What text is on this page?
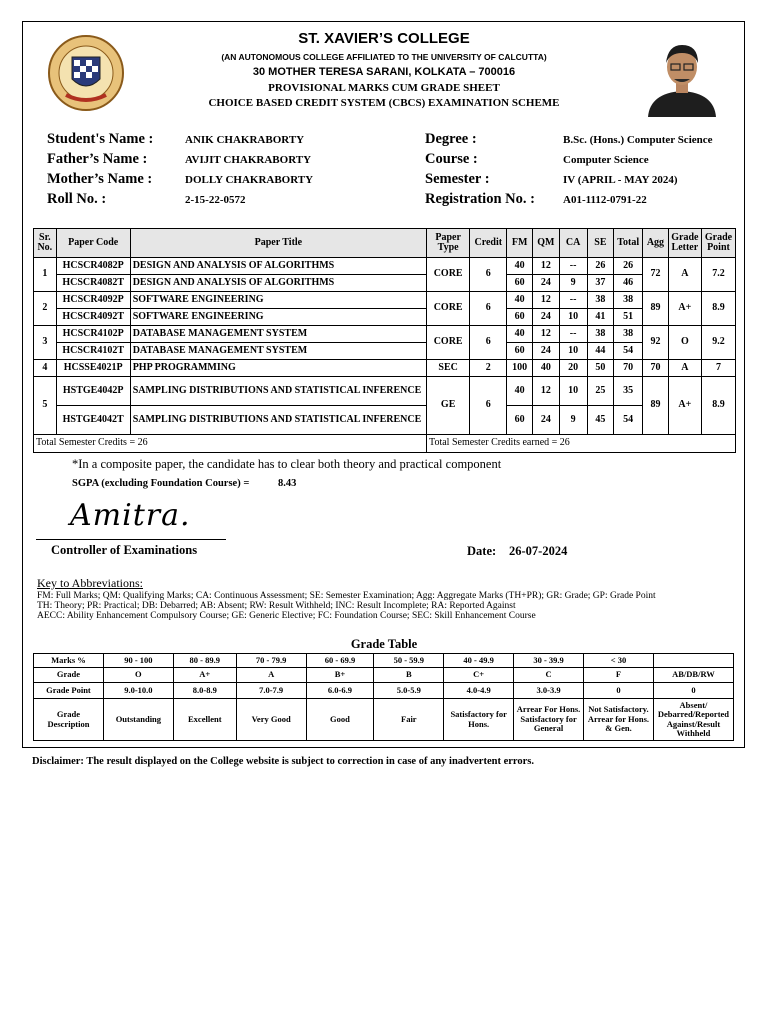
ST. XAVIER’S COLLEGE
(AN AUTONOMOUS COLLEGE AFFILIATED TO THE UNIVERSITY OF CALCUTTA)
30 MOTHER TERESA SARANI, KOLKATA – 700016
PROVISIONAL MARKS CUM GRADE SHEET
CHOICE BASED CREDIT SYSTEM (CBCS) EXAMINATION SCHEME
Student's Name :	ANIK CHAKRABORTY
Father’s Name :	AVIJIT CHAKRABORTY
Mother’s Name :	DOLLY CHAKRABORTY
Roll No. :	2-15-22-0572
Degree :	B.Sc. (Hons.) Computer Science
Course :	Computer Science
Semester :	IV (APRIL - MAY 2024)
Registration No. :	A01-1112-0791-22
Sr. No.	Paper Code	Paper Title	Paper Type	Credit	FM	QM	CA	SE	Total	Agg	Grade Letter	Grade Point
1	HCSCR4082P	DESIGN AND ANALYSIS OF ALGORITHMS	CORE	6	40	12	--	26	26	72	A	7.2
	HCSCR4082T	DESIGN AND ANALYSIS OF ALGORITHMS			60	24	9	37	46			
2	HCSCR4092P	SOFTWARE ENGINEERING	CORE	6	40	12	--	38	38	89	A+	8.9
	HCSCR4092T	SOFTWARE ENGINEERING			60	24	10	41	51			
3	HCSCR4102P	DATABASE MANAGEMENT SYSTEM	CORE	6	40	12	--	38	38	92	O	9.2
	HCSCR4102T	DATABASE MANAGEMENT SYSTEM			60	24	10	44	54			
4	HCSSE4021P	PHP PROGRAMMING	SEC	2	100	40	20	50	70	70	A	7
5	HSTGE4042P	SAMPLING DISTRIBUTIONS AND STATISTICAL INFERENCE	GE	6	40	12	10	25	35	89	A+	8.9
	HSTGE4042T	SAMPLING DISTRIBUTIONS AND STATISTICAL INFERENCE			60	24	9	45	54			
Total Semester Credits = 26			Total Semester Credits earned = 26									
*In a composite paper, the candidate has to clear both theory and practical component
SGPA (excluding Foundation Course) =	8.43
Amitra.
Controller of Examinations	Date: 26-07-2024
Key to Abbreviations:
FM: Full Marks; QM: Qualifying Marks; CA: Continuous Assessment; SE: Semester Examination; Agg: Aggregate Marks (TH+PR); GR: Grade; GP: Grade Point
TH: Theory; PR: Practical; DB: Debarred; AB: Absent; RW: Result Withheld; INC: Result Incomplete; RA: Reported Against
AECC: Ability Enhancement Compulsory Course; GE: Generic Elective; FC: Foundation Course; SEC: Skill Enhancement Course
Grade Table
Marks %	90 - 100	80 - 89.9	70 - 79.9	60 - 69.9	50 - 59.9	40 - 49.9	30 - 39.9	< 30	
Grade	O	A+	A	B+	B	C+	C	F	AB/DB/RW
Grade Point	9.0-10.0	8.0-8.9	7.0-7.9	6.0-6.9	5.0-5.9	4.0-4.9	3.0-3.9	0	0
Grade Description	Outstanding	Excellent	Very Good	Good	Fair	Satisfactory for Hons.	Arrear For Hons. Satisfactory for General	Not Satisfactory. Arrear for Hons. & Gen.	Absent/ Debarred/Reported Against/Result Withheld
Disclaimer: The result displayed on the College website is subject to correction in case of any inadvertent errors.
